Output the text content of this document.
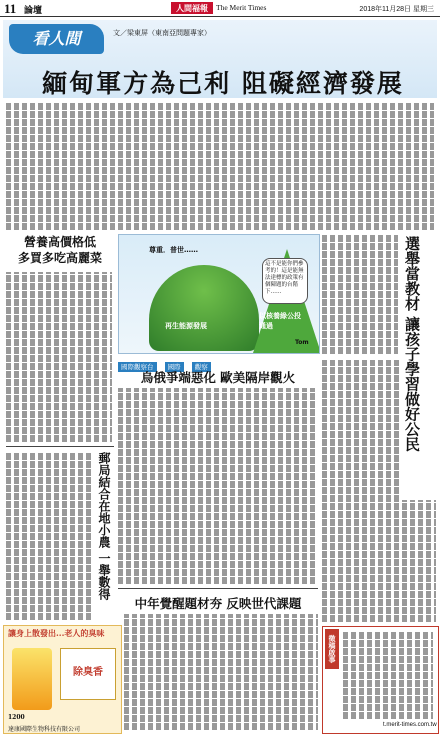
11 論壇	人間福報	The Merit Times	2018年11月28日 星期三
看人間	文／梁東屏（東南亞問題專家）
緬甸軍方為己利 阻礙經濟發展
營養高價格低
多買多吃高麗菜
郵局結合在地小農 一舉數得
尊重．普世……
再生能源發展
以核養綠公投通過
Tom
這不是能你們參考的！這是能無法達標的政策有個陳題的台階下……
國際觀察台 國際 觀察
烏俄爭端惡化 歐美隔岸觀火
中年覺醒題材夯 反映世代課題
選舉當教材 讓孩子學習做好公民
讓身上散發出...老人的臭味
除臭香
1200
達康國際生物科技有限公司
徵稿啟事
t.merit-times.com.tw
